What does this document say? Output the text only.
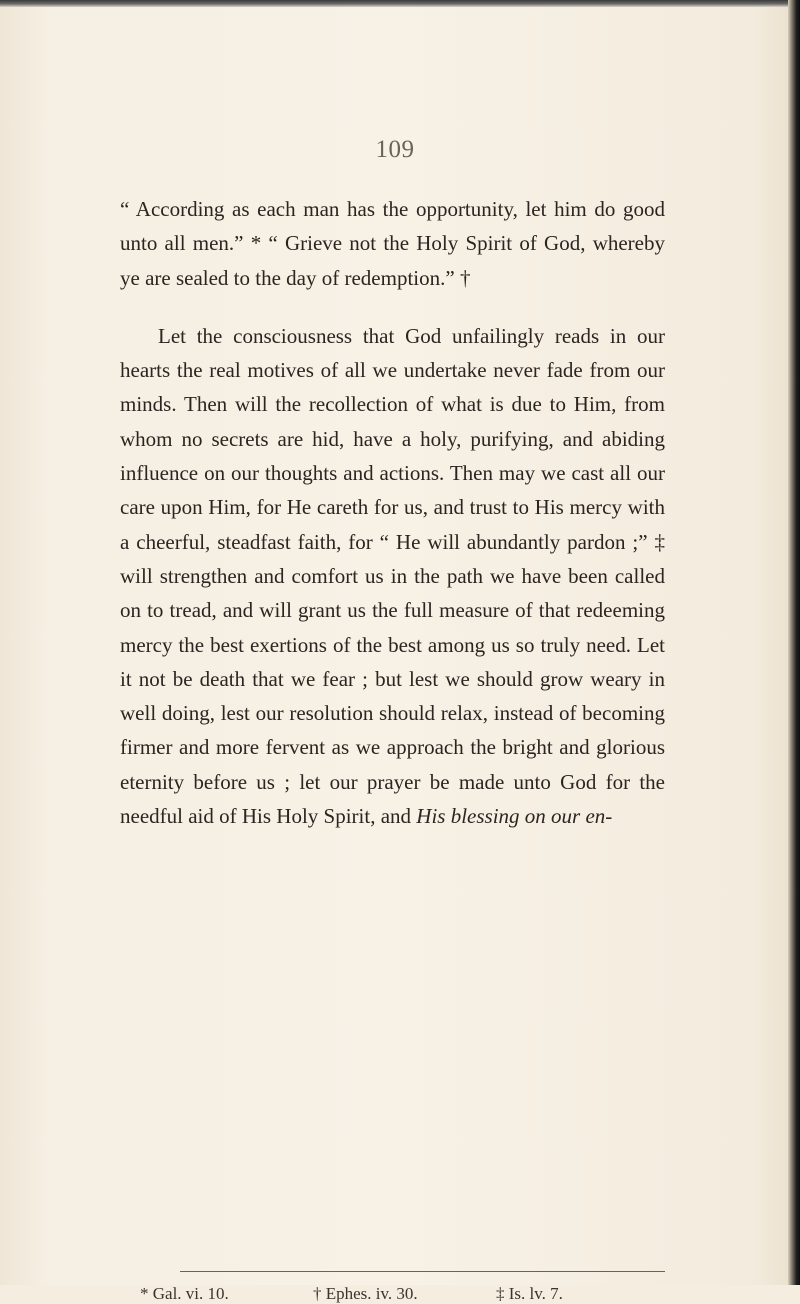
109

“ According as each man has the opportunity, let him do good unto all men.” * “ Grieve not the Holy Spirit of God, whereby ye are sealed to the day of redemption.” †

Let the consciousness that God unfailingly reads in our hearts the real motives of all we undertake never fade from our minds. Then will the recollection of what is due to Him, from whom no secrets are hid, have a holy, purifying, and abiding influence on our thoughts and actions. Then may we cast all our care upon Him, for He careth for us, and trust to His mercy with a cheerful, steadfast faith, for “ He will abundantly pardon ;” ‡ will strengthen and comfort us in the path we have been called on to tread, and will grant us the full measure of that redeeming mercy the best exertions of the best among us so truly need. Let it not be death that we fear ; but lest we should grow weary in well doing, lest our resolution should relax, instead of becoming firmer and more fervent as we approach the bright and glorious eternity before us ; let our prayer be made unto God for the needful aid of His Holy Spirit, and His blessing on our en-

* Gal. vi. 10.	† Ephes. iv. 30.	‡ Is. lv. 7.
